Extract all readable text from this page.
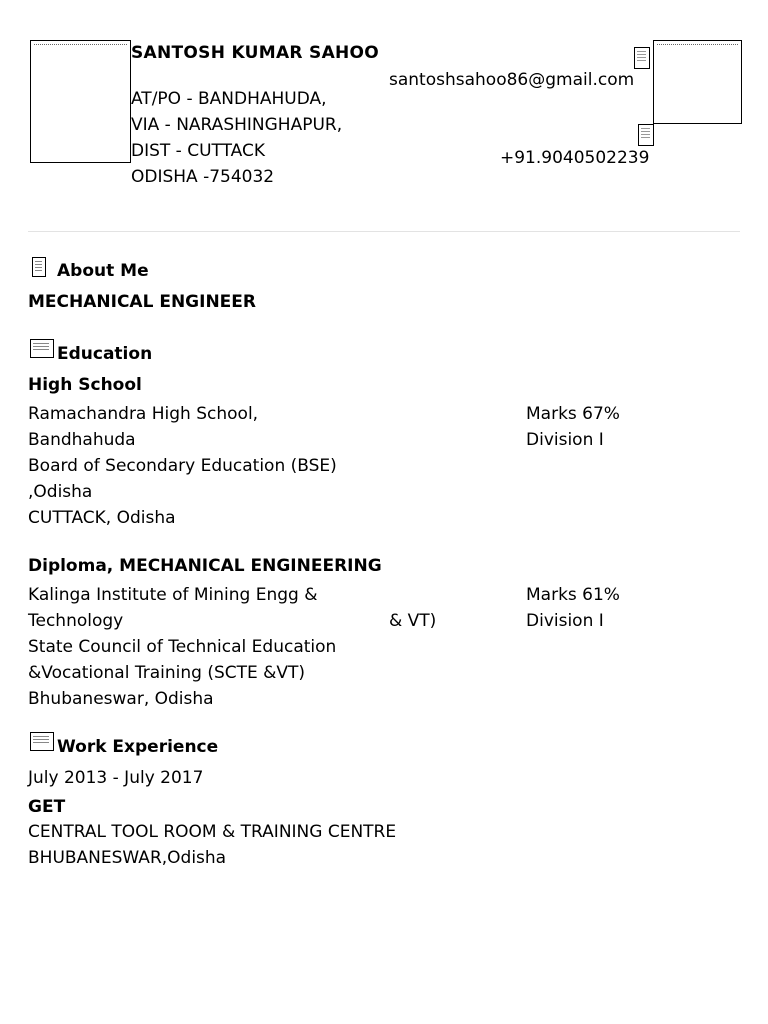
SANTOSH KUMAR SAHOO
AT/PO - BANDHAHUDA,
VIA - NARASHINGHAPUR,
DIST - CUTTACK
ODISHA -754032
santoshsahoo86@gmail.com
+91.9040502239
About Me
MECHANICAL ENGINEER
Education
High School
Ramachandra High School,
Bandhahuda
Board of Secondary Education (BSE)
,Odisha
CUTTACK, Odisha
Marks 67%
Division I
Diploma, MECHANICAL ENGINEERING
Kalinga Institute of Mining Engg &
Technology
State Council of Technical Education
&Vocational Training (SCTE &VT)
Bhubaneswar, Odisha
& VT)
Marks 61%
Division I
Work Experience
July 2013 - July 2017
GET
CENTRAL TOOL ROOM & TRAINING CENTRE
BHUBANESWAR,Odisha
